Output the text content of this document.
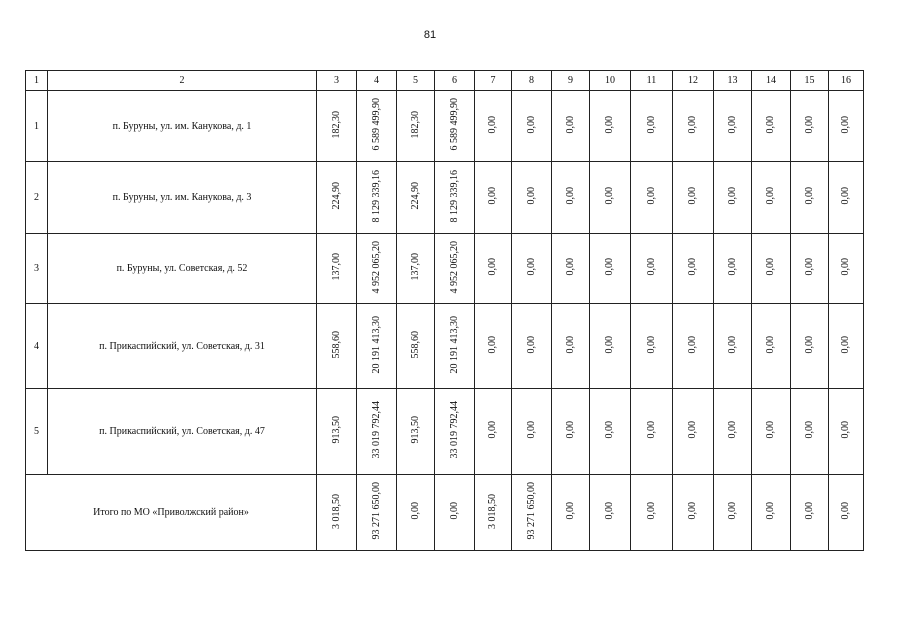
81
1	2	3	4	5	6	7	8	9	10	11	12	13	14	15	16
1	п. Буруны, ул. им. Канукова, д. 1	182,30	6 589 499,90	182,30	6 589 499,90	0,00	0,00	0,00	0,00	0,00	0,00	0,00	0,00	0,00	0,00
2	п. Буруны, ул. им. Канукова, д. 3	224,90	8 129 339,16	224,90	8 129 339,16	0,00	0,00	0,00	0,00	0,00	0,00	0,00	0,00	0,00	0,00
3	п. Буруны, ул. Советская, д. 52	137,00	4 952 065,20	137,00	4 952 065,20	0,00	0,00	0,00	0,00	0,00	0,00	0,00	0,00	0,00	0,00
4	п. Прикаспийский, ул. Советская, д. 31	558,60	20 191 413,30	558,60	20 191 413,30	0,00	0,00	0,00	0,00	0,00	0,00	0,00	0,00	0,00	0,00
5	п. Прикаспийский, ул. Советская, д. 47	913,50	33 019 792,44	913,50	33 019 792,44	0,00	0,00	0,00	0,00	0,00	0,00	0,00	0,00	0,00	0,00
Итого по МО «Приволжский район»		3 018,50	93 271 650,00	0,00	0,00	3 018,50	93 271 650,00	0,00	0,00	0,00	0,00	0,00	0,00	0,00	0,00
